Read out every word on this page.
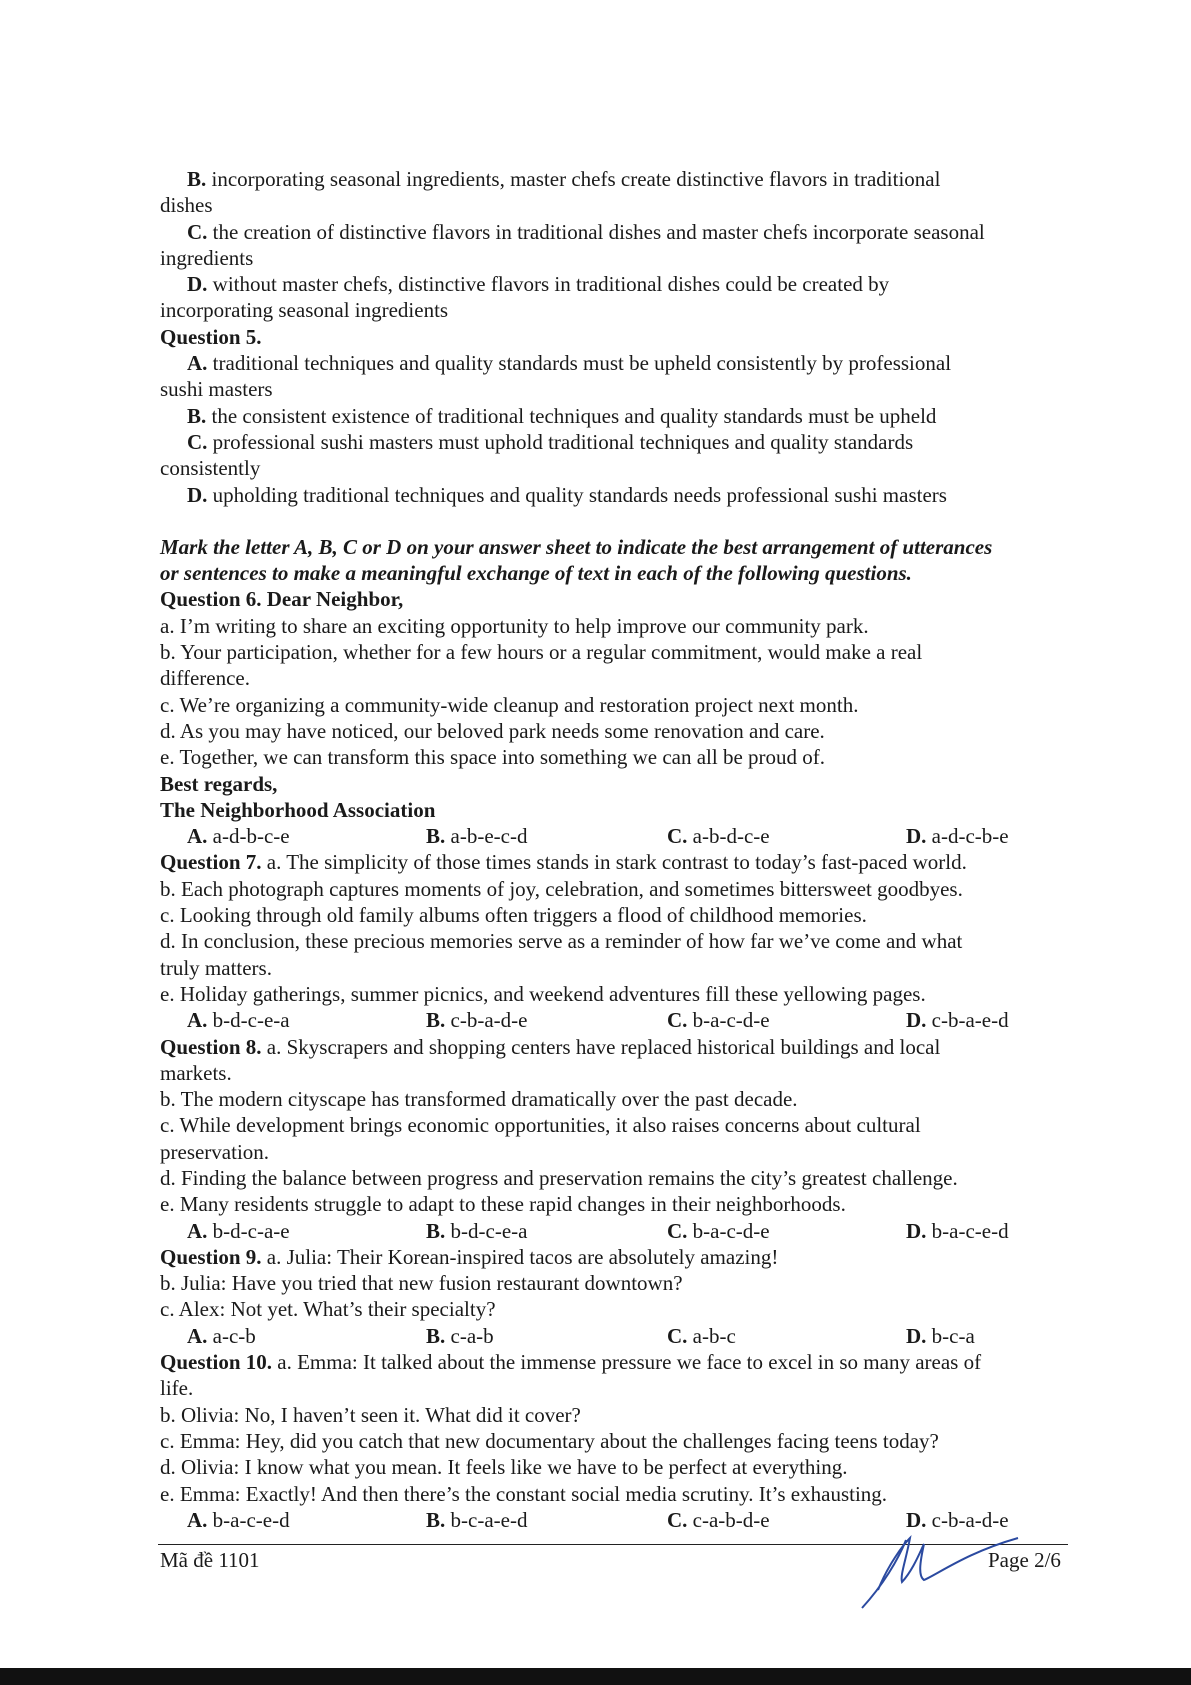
B. incorporating seasonal ingredients, master chefs create distinctive flavors in traditional
dishes
C. the creation of distinctive flavors in traditional dishes and master chefs incorporate seasonal
ingredients
D. without master chefs, distinctive flavors in traditional dishes could be created by
incorporating seasonal ingredients
Question 5.
A. traditional techniques and quality standards must be upheld consistently by professional
sushi masters
B. the consistent existence of traditional techniques and quality standards must be upheld
C. professional sushi masters must uphold traditional techniques and quality standards
consistently
D. upholding traditional techniques and quality standards needs professional sushi masters
Mark the letter A, B, C or D on your answer sheet to indicate the best arrangement of utterances
or sentences to make a meaningful exchange of text in each of the following questions.
Question 6. Dear Neighbor,
a. I’m writing to share an exciting opportunity to help improve our community park.
b. Your participation, whether for a few hours or a regular commitment, would make a real
difference.
c. We’re organizing a community-wide cleanup and restoration project next month.
d. As you may have noticed, our beloved park needs some renovation and care.
e. Together, we can transform this space into something we can all be proud of.
Best regards,
The Neighborhood Association
A. a-d-b-c-e	B. a-b-e-c-d	C. a-b-d-c-e	D. a-d-c-b-e
Question 7. a. The simplicity of those times stands in stark contrast to today’s fast-paced world.
b. Each photograph captures moments of joy, celebration, and sometimes bittersweet goodbyes.
c. Looking through old family albums often triggers a flood of childhood memories.
d. In conclusion, these precious memories serve as a reminder of how far we’ve come and what
truly matters.
e. Holiday gatherings, summer picnics, and weekend adventures fill these yellowing pages.
A. b-d-c-e-a	B. c-b-a-d-e	C. b-a-c-d-e	D. c-b-a-e-d
Question 8. a. Skyscrapers and shopping centers have replaced historical buildings and local
markets.
b. The modern cityscape has transformed dramatically over the past decade.
c. While development brings economic opportunities, it also raises concerns about cultural
preservation.
d. Finding the balance between progress and preservation remains the city’s greatest challenge.
e. Many residents struggle to adapt to these rapid changes in their neighborhoods.
A. b-d-c-a-e	B. b-d-c-e-a	C. b-a-c-d-e	D. b-a-c-e-d
Question 9. a. Julia: Their Korean-inspired tacos are absolutely amazing!
b. Julia: Have you tried that new fusion restaurant downtown?
c. Alex: Not yet. What’s their specialty?
A. a-c-b	B. c-a-b	C. a-b-c	D. b-c-a
Question 10. a. Emma: It talked about the immense pressure we face to excel in so many areas of
life.
b. Olivia: No, I haven’t seen it. What did it cover?
c. Emma: Hey, did you catch that new documentary about the challenges facing teens today?
d. Olivia: I know what you mean. It feels like we have to be perfect at everything.
e. Emma: Exactly! And then there’s the constant social media scrutiny. It’s exhausting.
A. b-a-c-e-d	B. b-c-a-e-d	C. c-a-b-d-e	D. c-b-a-d-e
Mã đề 1101	Page 2/6
